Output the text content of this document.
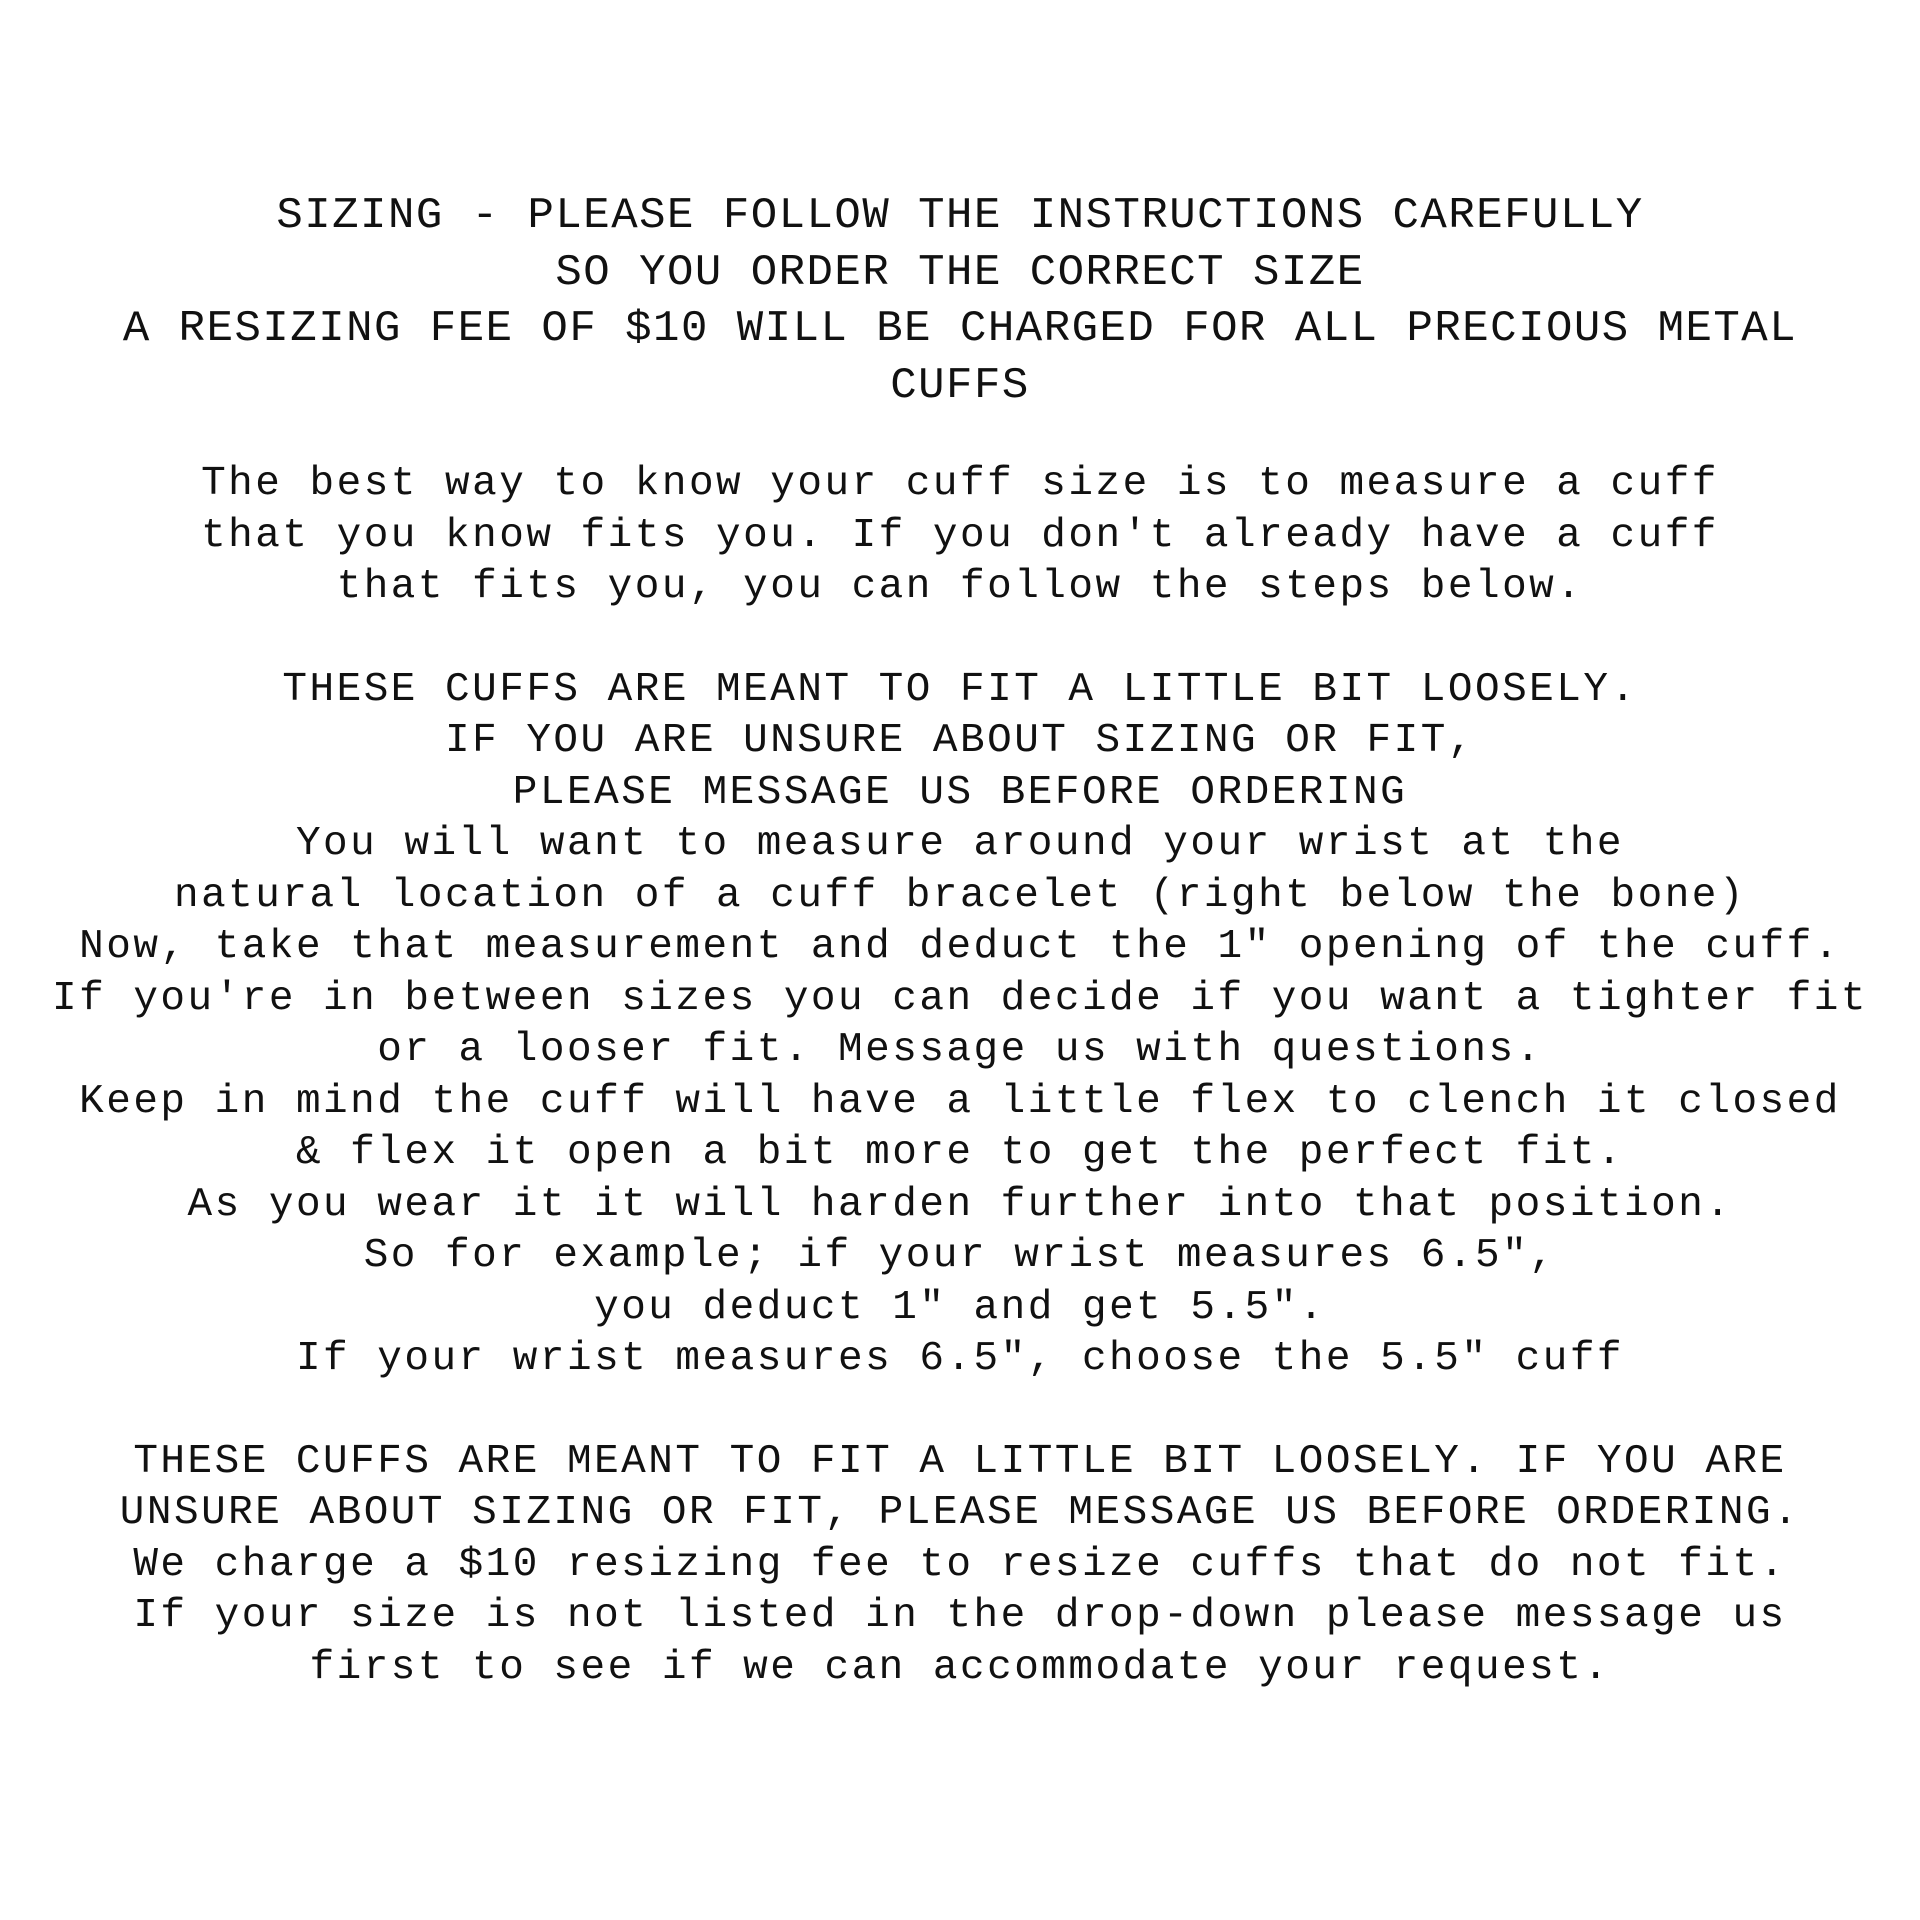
SIZING - PLEASE FOLLOW THE INSTRUCTIONS CAREFULLY
SO YOU ORDER THE CORRECT SIZE
A RESIZING FEE OF $10 WILL BE CHARGED FOR ALL PRECIOUS METAL
CUFFS
The best way to know your cuff size is to measure a cuff
that you know fits you. If you don't already have a cuff
that fits you, you can follow the steps below.
THESE CUFFS ARE MEANT TO FIT A LITTLE BIT LOOSELY.
IF YOU ARE UNSURE ABOUT SIZING OR FIT,
PLEASE MESSAGE US BEFORE ORDERING
You will want to measure around your wrist at the
natural location of a cuff bracelet (right below the bone)
Now, take that measurement and deduct the 1" opening of the cuff.
If you're in between sizes you can decide if you want a tighter fit
or a looser fit. Message us with questions.
Keep in mind the cuff will have a little flex to clench it closed
& flex it open a bit more to get the perfect fit.
As you wear it it will harden further into that position.
So for example; if your wrist measures 6.5",
you deduct 1" and get 5.5".
If your wrist measures 6.5", choose the 5.5" cuff
THESE CUFFS ARE MEANT TO FIT A LITTLE BIT LOOSELY. IF YOU ARE
UNSURE ABOUT SIZING OR FIT, PLEASE MESSAGE US BEFORE ORDERING.
We charge a $10 resizing fee to resize cuffs that do not fit.
If your size is not listed in the drop-down please message us
first to see if we can accommodate your request.
